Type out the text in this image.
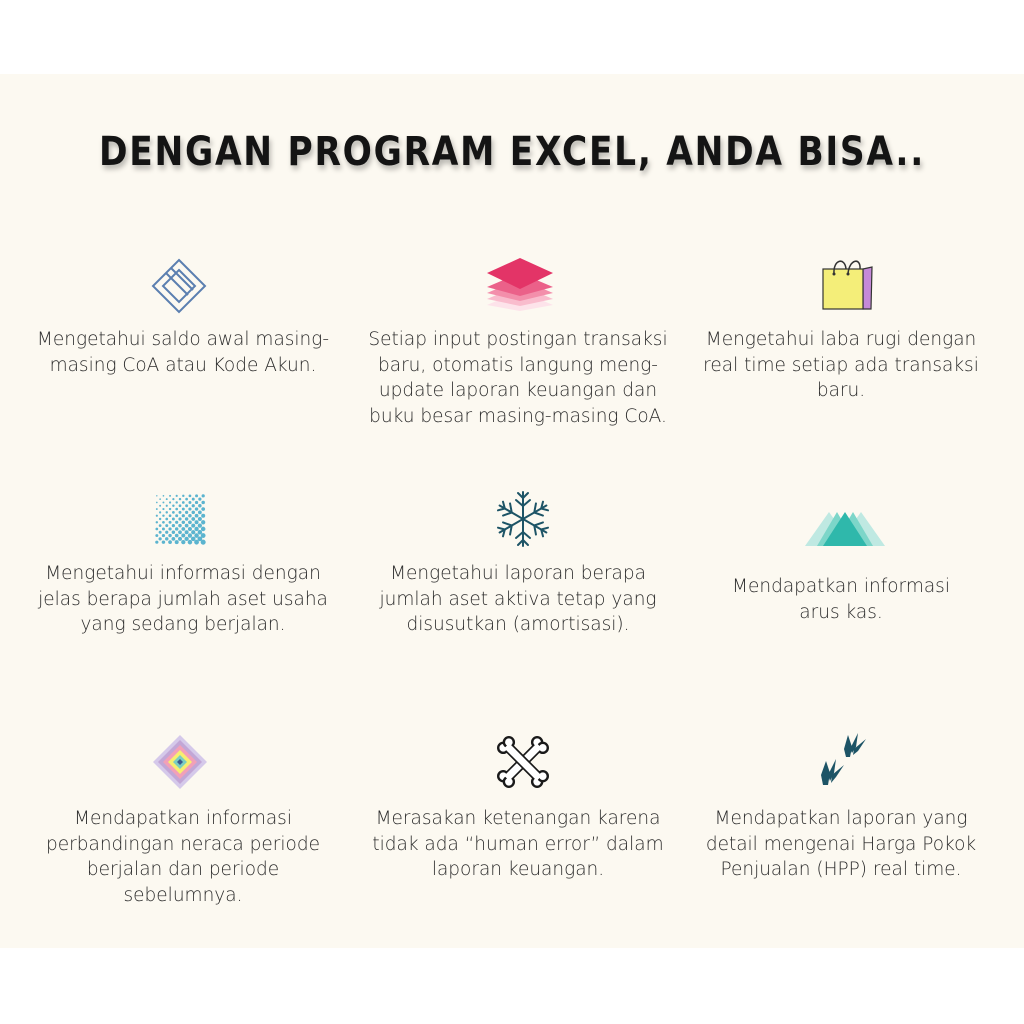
DENGAN PROGRAM EXCEL, ANDA BISA..

Mengetahui saldo awal masing-
masing CoA atau Kode Akun.

Setiap input postingan transaksi
baru, otomatis langung meng-
update laporan keuangan dan
buku besar masing-masing CoA.

Mengetahui laba rugi dengan
real time setiap ada transaksi
baru.

Mengetahui informasi dengan
jelas berapa jumlah aset usaha
yang sedang berjalan.

Mengetahui laporan berapa
jumlah aset aktiva tetap yang
disusutkan (amortisasi).

Mendapatkan informasi
arus kas.

Mendapatkan informasi
perbandingan neraca periode
berjalan dan periode
sebelumnya.

Merasakan ketenangan karena
tidak ada “human error” dalam
laporan keuangan.

Mendapatkan laporan yang
detail mengenai Harga Pokok
Penjualan (HPP) real time.
